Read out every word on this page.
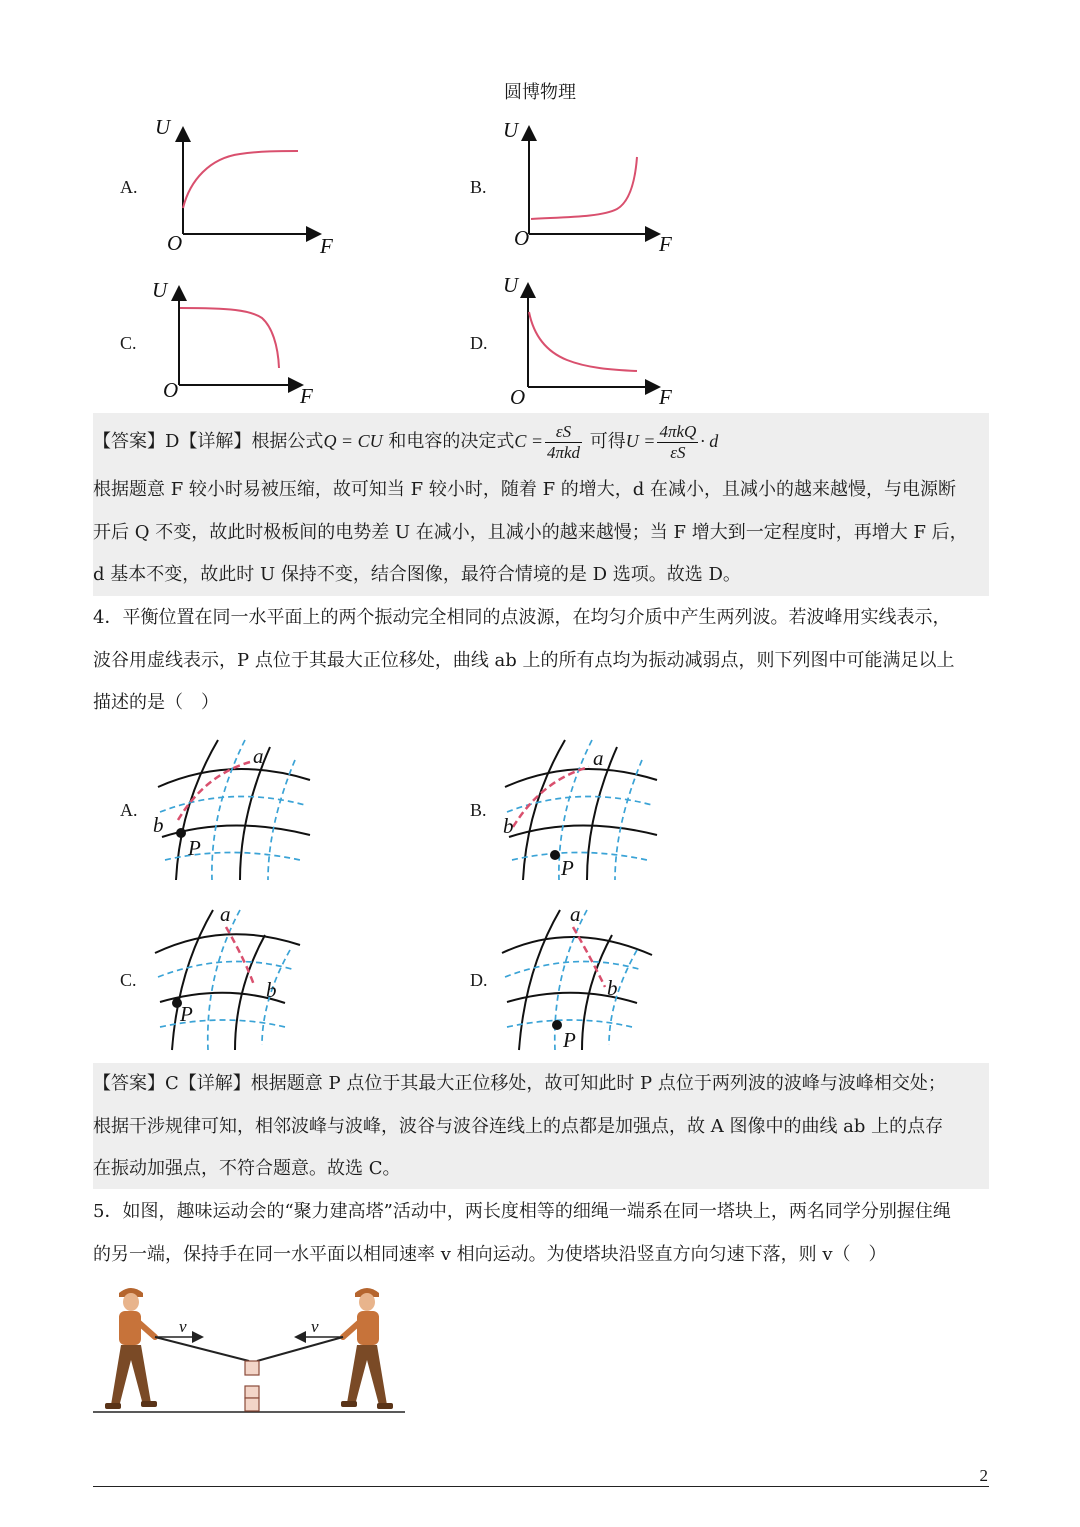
圆博物理
A.
U
O	F
B.
U
O	F
C.
U
O	F
D.
U
O	F
【答案】D【详解】根据公式Q = CU 和电容的决定式$C = \frac{\varepsilon S}{\text{4πkd}}$ 可得$U = \frac{\text{4πkQ}}{\varepsilon S} \cdot d$
根据题意 F 较小时易被压缩，故可知当 F 较小时，随着 F 的增大，d 在减小，且减小的越来越慢，与电源断
开后 Q 不变，故此时极板间的电势差 U 在减小，且减小的越来越慢；当 F 增大到一定程度时，再增大 F 后，
d 基本不变，故此时 U 保持不变，结合图像，最符合情境的是 D 选项。故选 D。
4．平衡位置在同一水平面上的两个振动完全相同的点波源，在均匀介质中产生两列波。若波峰用实线表示，
波谷用虚线表示，P 点位于其最大正位移处，曲线 ab 上的所有点均为振动减弱点，则下列图中可能满足以上
描述的是（　）
A.
a
b
P
B.
a
b
P
C.
a
b
P
D.
a
b
P
【答案】C【详解】根据题意 P 点位于其最大正位移处，故可知此时 P 点位于两列波的波峰与波峰相交处；
根据干涉规律可知，相邻波峰与波峰，波谷与波谷连线上的点都是加强点，故 A 图像中的曲线 ab 上的点存
在振动加强点，不符合题意。故选 C。
5．如图，趣味运动会的“聚力建高塔”活动中，两长度相等的细绳一端系在同一塔块上，两名同学分别握住绳
的另一端，保持手在同一水平面以相同速率 v 相向运动。为使塔块沿竖直方向匀速下落，则 v（　）
v	v
2
